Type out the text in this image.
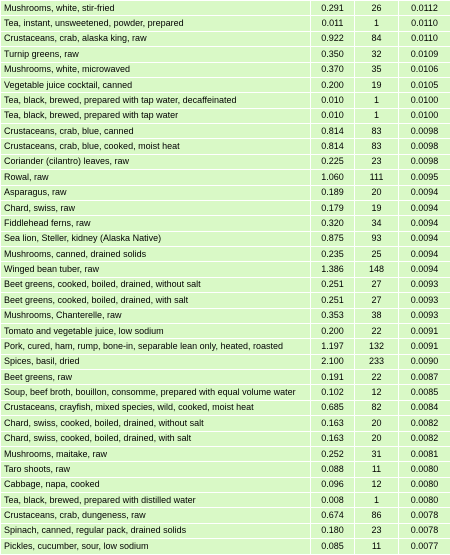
Mushrooms, white, stir-fried	0.291	26	0.0112
Tea, instant, unsweetened, powder, prepared	0.011	1	0.0110
Crustaceans, crab, alaska king, raw	0.922	84	0.0110
Turnip greens, raw	0.350	32	0.0109
Mushrooms, white, microwaved	0.370	35	0.0106
Vegetable juice cocktail, canned	0.200	19	0.0105
Tea, black, brewed, prepared with tap water, decaffeinated	0.010	1	0.0100
Tea, black, brewed, prepared with tap water	0.010	1	0.0100
Crustaceans, crab, blue, canned	0.814	83	0.0098
Crustaceans, crab, blue, cooked, moist heat	0.814	83	0.0098
Coriander (cilantro) leaves, raw	0.225	23	0.0098
Rowal, raw	1.060	111	0.0095
Asparagus, raw	0.189	20	0.0094
Chard, swiss, raw	0.179	19	0.0094
Fiddlehead ferns, raw	0.320	34	0.0094
Sea lion, Steller, kidney (Alaska Native)	0.875	93	0.0094
Mushrooms, canned, drained solids	0.235	25	0.0094
Winged bean tuber, raw	1.386	148	0.0094
Beet greens, cooked, boiled, drained, without salt	0.251	27	0.0093
Beet greens, cooked, boiled, drained, with salt	0.251	27	0.0093
Mushrooms, Chanterelle, raw	0.353	38	0.0093
Tomato and vegetable juice, low sodium	0.200	22	0.0091
Pork, cured, ham, rump, bone-in, separable lean only, heated, roasted	1.197	132	0.0091
Spices, basil, dried	2.100	233	0.0090
Beet greens, raw	0.191	22	0.0087
Soup, beef broth, bouillon, consomme, prepared with equal volume water	0.102	12	0.0085
Crustaceans, crayfish, mixed species, wild, cooked, moist heat	0.685	82	0.0084
Chard, swiss, cooked, boiled, drained, without salt	0.163	20	0.0082
Chard, swiss, cooked, boiled, drained, with salt	0.163	20	0.0082
Mushrooms, maitake, raw	0.252	31	0.0081
Taro shoots, raw	0.088	11	0.0080
Cabbage, napa, cooked	0.096	12	0.0080
Tea, black, brewed, prepared with distilled water	0.008	1	0.0080
Crustaceans, crab, dungeness, raw	0.674	86	0.0078
Spinach, canned, regular pack, drained solids	0.180	23	0.0078
Pickles, cucumber, sour, low sodium	0.085	11	0.0077
